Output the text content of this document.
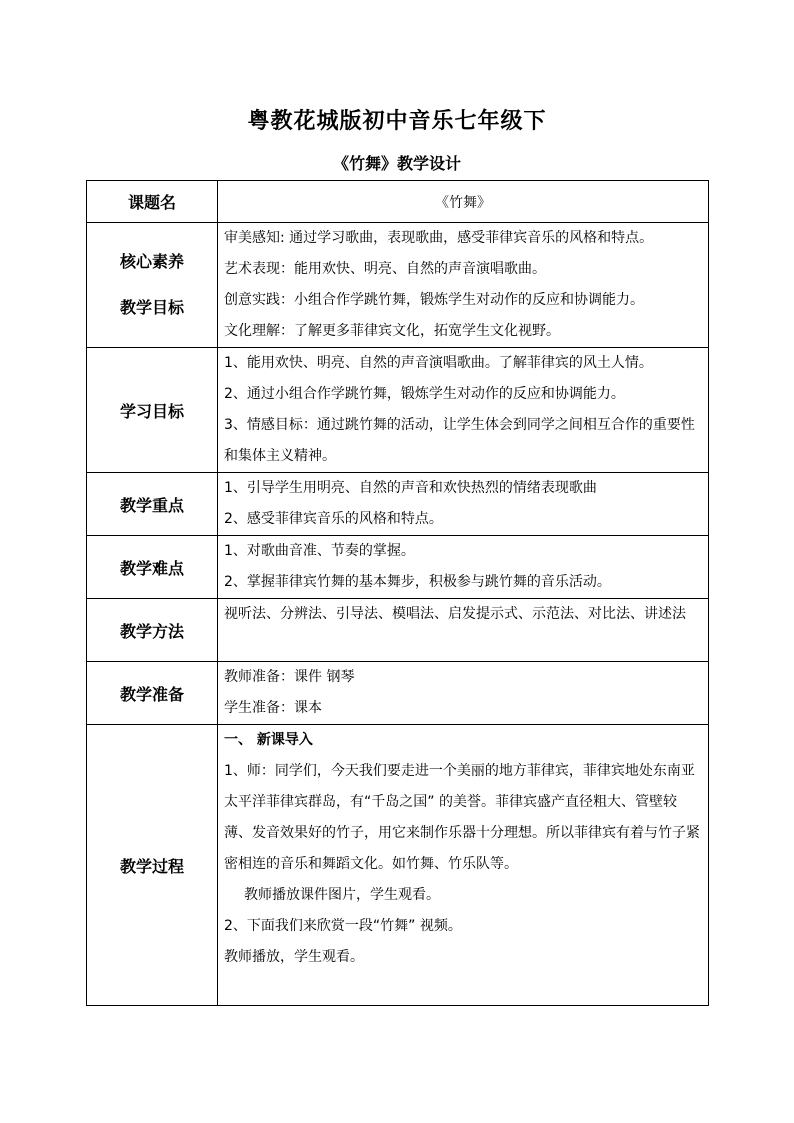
粤教花城版初中音乐七年级下
《竹舞》教学设计
课题名	《竹舞》

核心素养
教学目标	审美感知: 通过学习歌曲，表现歌曲，感受菲律宾音乐的风格和特点。
艺术表现：能用欢快、明亮、自然的声音演唱歌曲。
创意实践：小组合作学跳竹舞，锻炼学生对动作的反应和协调能力。
文化理解：了解更多菲律宾文化，拓宽学生文化视野。

学习目标	1、能用欢快、明亮、自然的声音演唱歌曲。了解菲律宾的风土人情。
2、通过小组合作学跳竹舞，锻炼学生对动作的反应和协调能力。
3、情感目标：通过跳竹舞的活动，让学生体会到同学之间相互合作的重要性和集体主义精神。

教学重点	1、引导学生用明亮、自然的声音和欢快热烈的情绪表现歌曲
2、感受菲律宾音乐的风格和特点。

教学难点	1、对歌曲音准、节奏的掌握。
2、掌握菲律宾竹舞的基本舞步，积极参与跳竹舞的音乐活动。

教学方法	视听法、分辨法、引导法、模唱法、启发提示式、示范法、对比法、讲述法

教学准备	教师准备：课件 钢琴
学生准备：课本

教学过程	一、 新课导入
1、师：同学们，今天我们要走进一个美丽的地方菲律宾，菲律宾地处东南亚太平洋菲律宾群岛，有“千岛之国” 的美誉。菲律宾盛产直径粗大、管壁较薄、发音效果好的竹子，用它来制作乐器十分理想。所以菲律宾有着与竹子紧密相连的音乐和舞蹈文化。如竹舞、竹乐队等。
教师播放课件图片，学生观看。
2、下面我们来欣赏一段“竹舞” 视频。
教师播放，学生观看。
